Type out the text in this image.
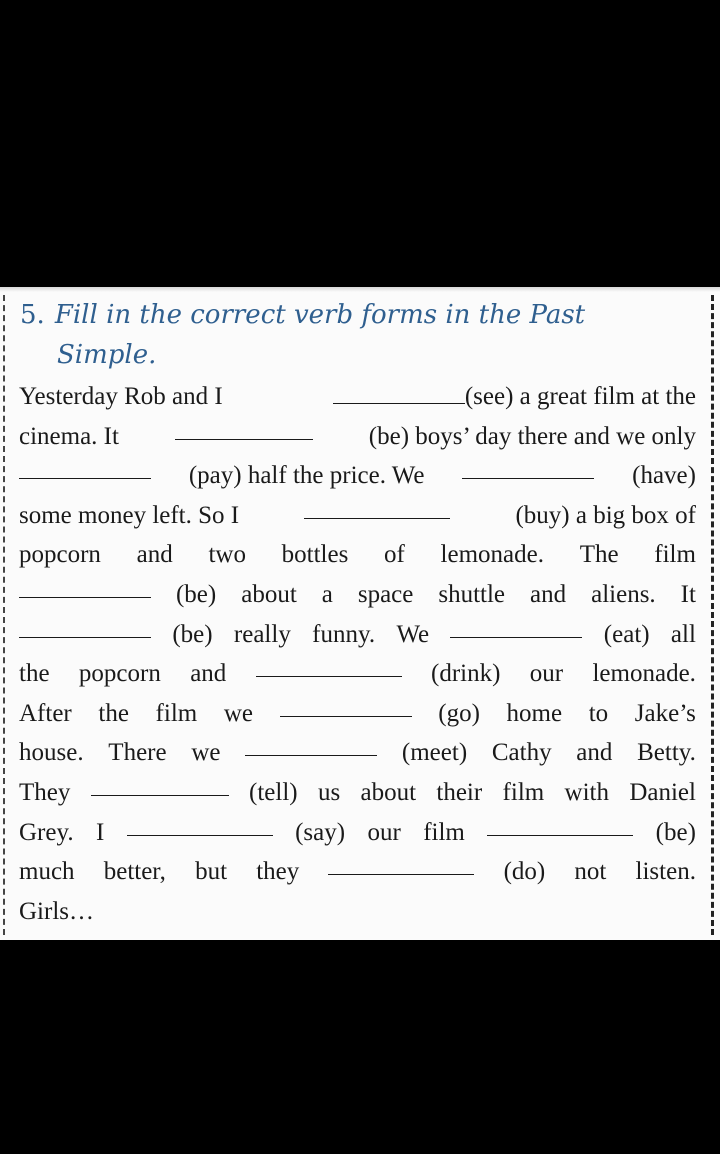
5. Fill in the correct verb forms in the Past
Simple.
Yesterday Rob and I	(see) a great film at the
cinema. It	(be) boys’ day there and we only
(pay) half the price. We	(have)
some money left. So I	(buy) a big box of
popcorn and two bottles of lemonade. The film
(be) about a space shuttle and aliens. It
(be) really funny. We	(eat) all
the popcorn and	(drink) our lemonade.
After the film we	(go) home to Jake’s
house. There we	(meet) Cathy and Betty.
They	(tell) us about their film with Daniel
Grey. I	(say) our film	(be)
much better, but they	(do) not listen.
Girls…
